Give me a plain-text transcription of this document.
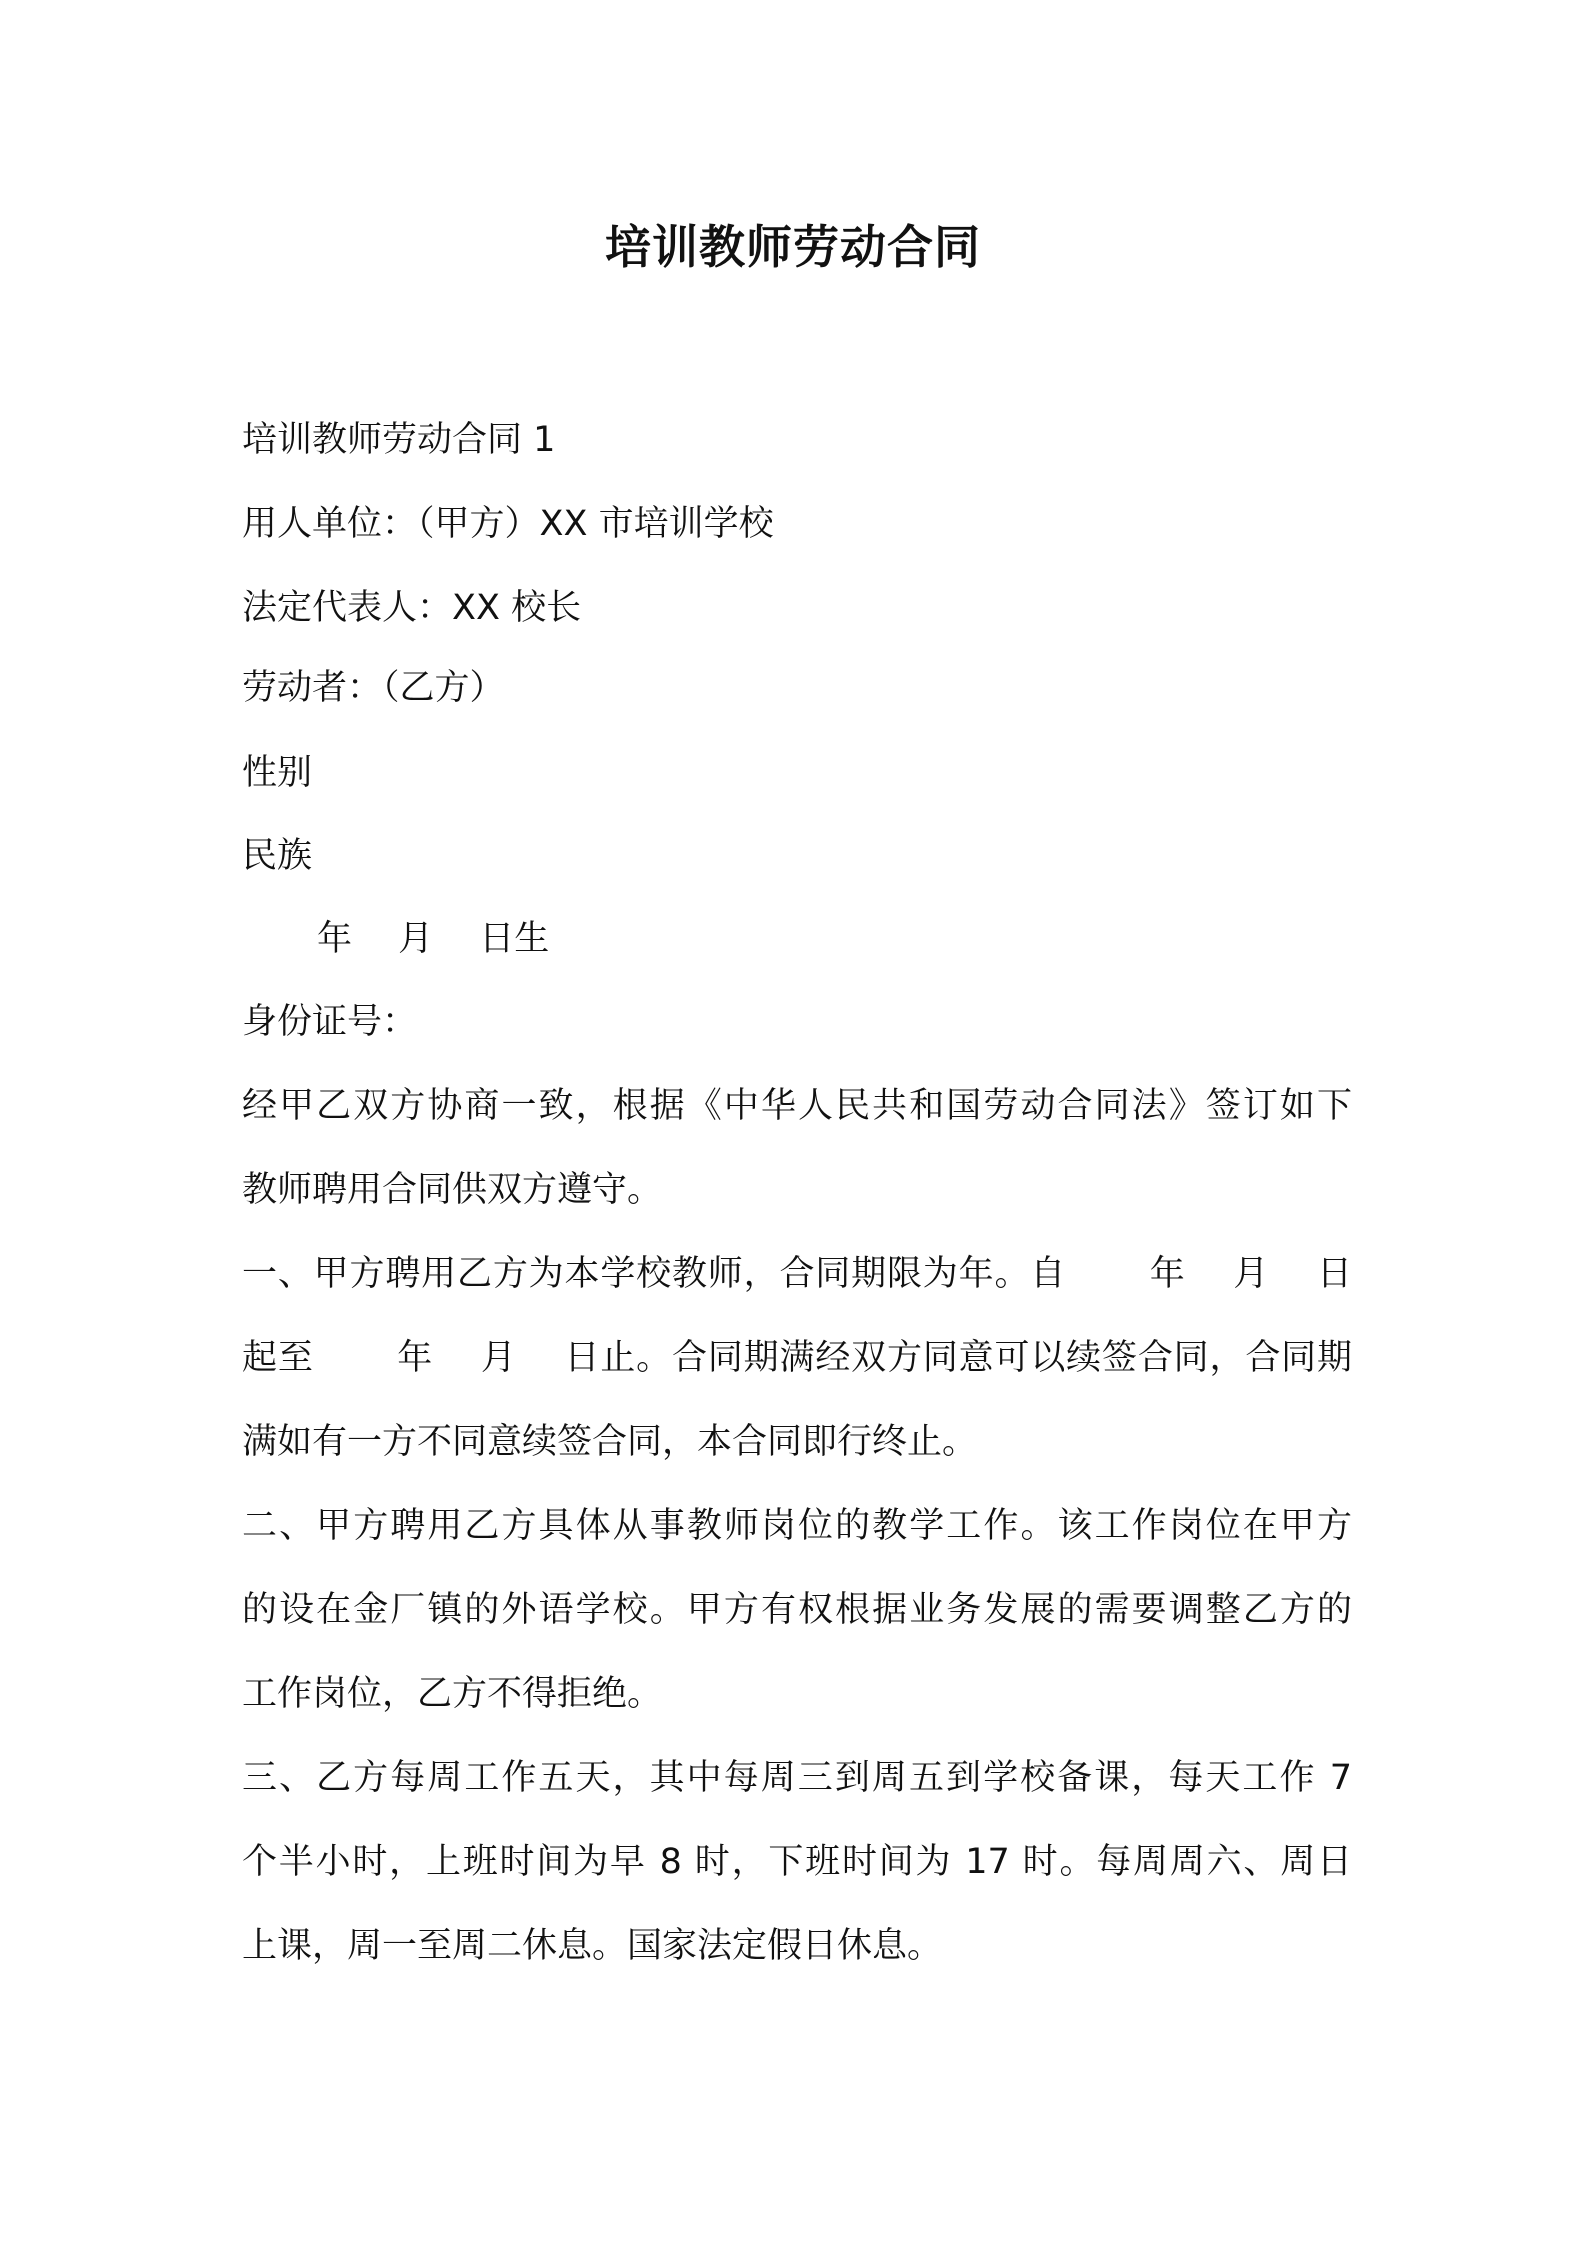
培训教师劳动合同
培训教师劳动合同 1
用人单位：（甲方）XX 市培训学校
法定代表人：XX 校长
劳动者：（乙方）
性别
民族
年　 月　 日生
身份证号：
经甲乙双方协商一致，根据《中华人民共和国劳动合同法》签订如下
教师聘用合同供双方遵守。
一、甲方聘用乙方为本学校教师，合同期限为年。自　　 年　 月　 日
起至　　 年　 月　 日止。合同期满经双方同意可以续签合同，合同期
满如有一方不同意续签合同，本合同即行终止。
二、甲方聘用乙方具体从事教师岗位的教学工作。该工作岗位在甲方
的设在金厂镇的外语学校。甲方有权根据业务发展的需要调整乙方的
工作岗位，乙方不得拒绝。
三、乙方每周工作五天，其中每周三到周五到学校备课，每天工作 7
个半小时，上班时间为早 8 时，下班时间为 17 时。每周周六、周日
上课，周一至周二休息。国家法定假日休息。
